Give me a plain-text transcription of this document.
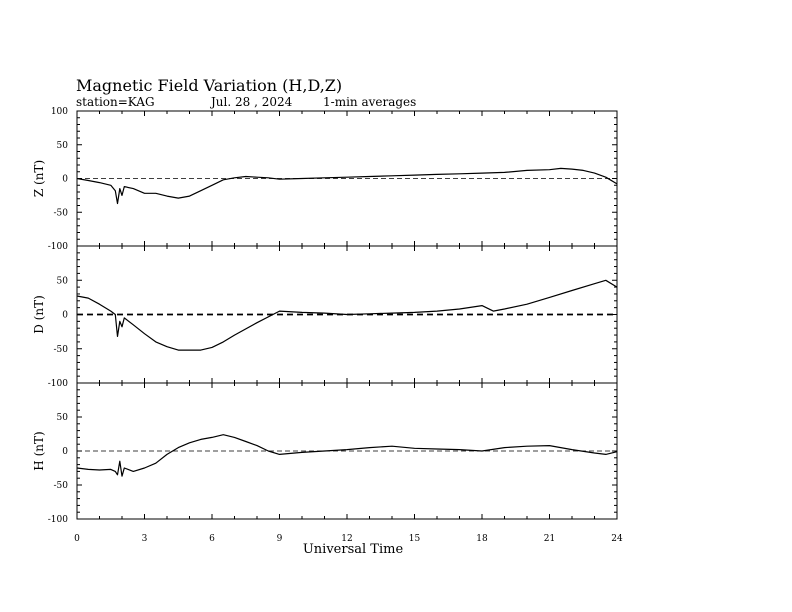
Magnetic Field Variation (H,D,Z)
station=KAG	Jul. 28 , 2024	1-min averages
100
50
0
-50
-100
Z (nT)
50
0
-50
-100
D (nT)
50
0
-50
-100
H (nT)
0	3	6	9	12	15	18	21	24
Universal Time
